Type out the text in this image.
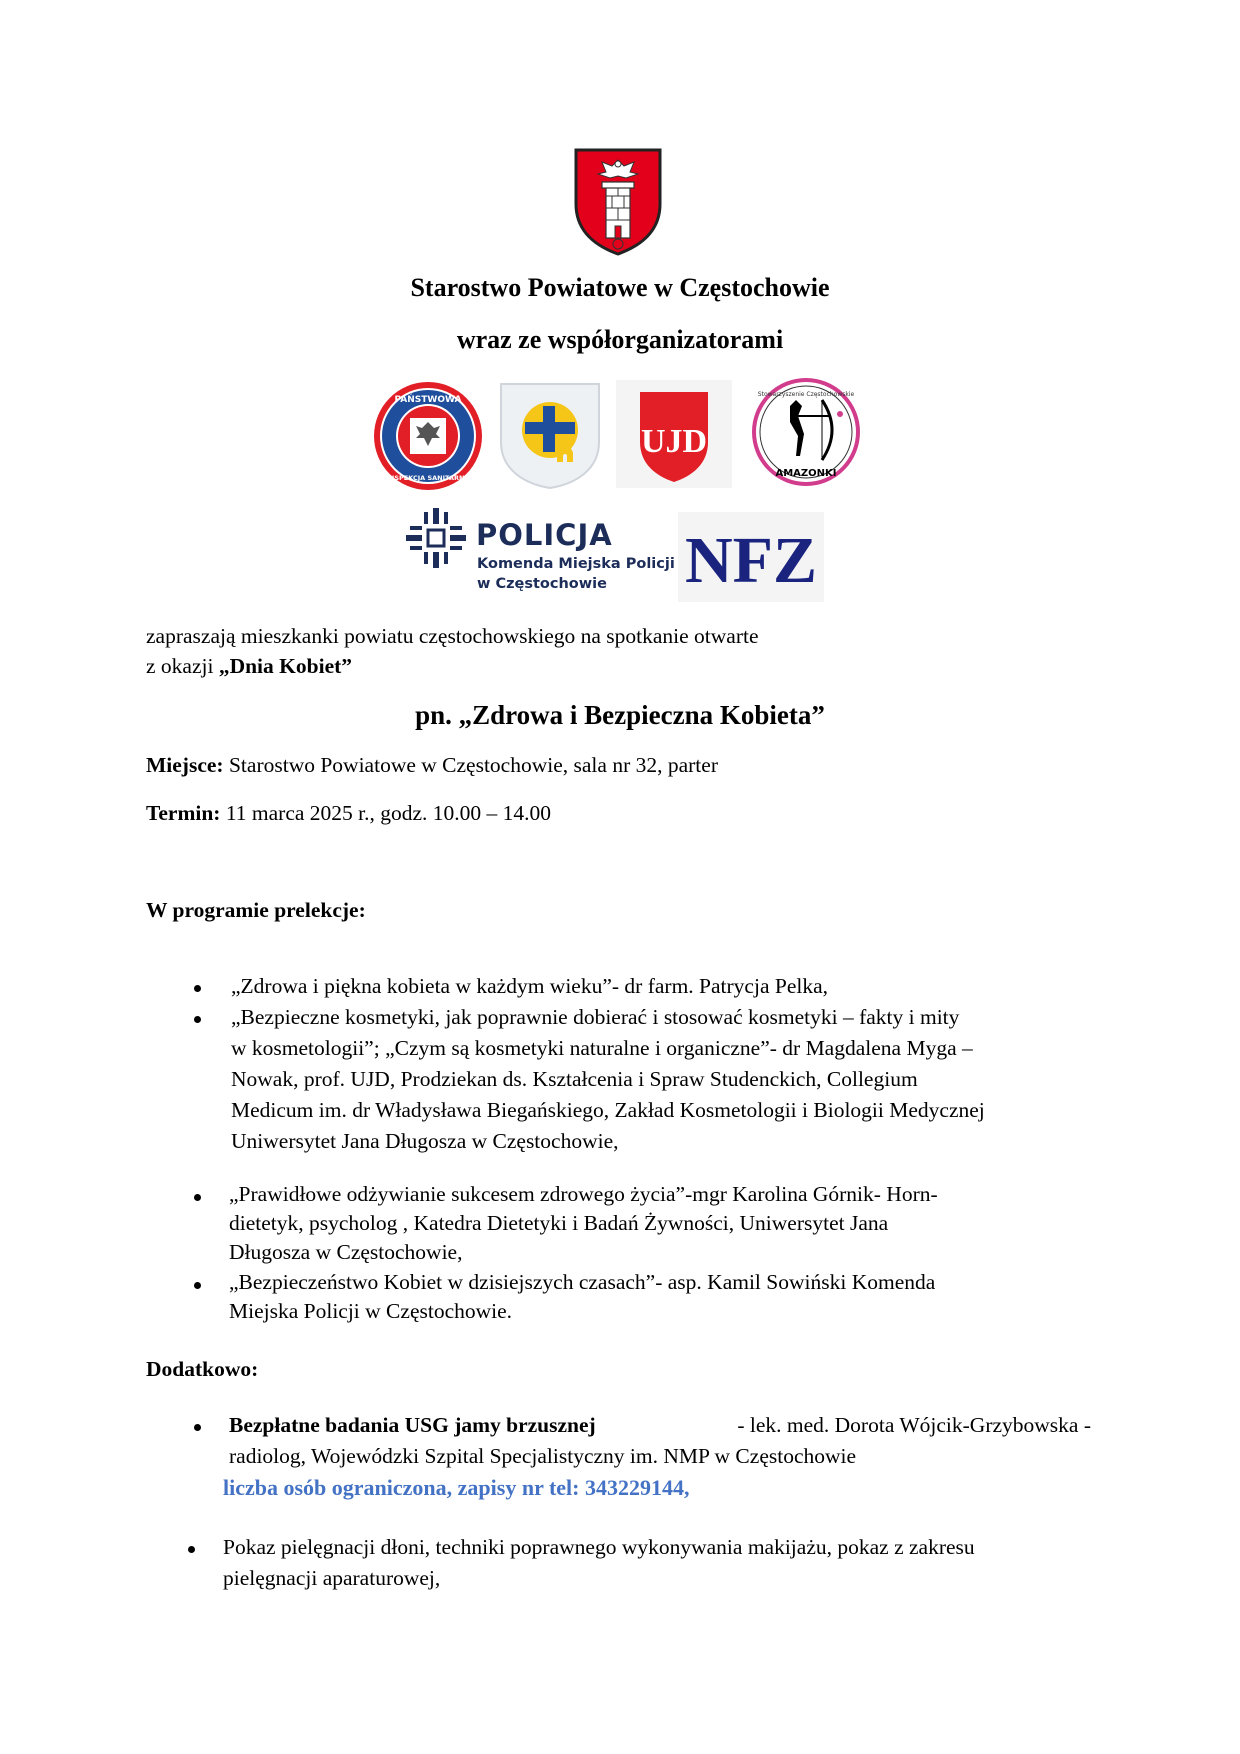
Starostwo Powiatowe w Częstochowie
wraz ze współorganizatorami
PAŃSTWOWA
INSPEKCJA SANITARNA
UJD
Stowarzyszenie Częstochowskie
AMAZONKI
POLICJA
Komenda Miejska Policji
w Częstochowie NFZ
zapraszają mieszkanki powiatu częstochowskiego na spotkanie otwarte
z okazji „Dnia Kobiet”
pn. „Zdrowa i Bezpieczna Kobieta”
Miejsce: Starostwo Powiatowe w Częstochowie, sala nr 32, parter
Termin: 11 marca 2025 r., godz. 10.00 – 14.00
W programie prelekcje:
„Zdrowa i piękna kobieta w każdym wieku”- dr farm. Patrycja Pelka,
„Bezpieczne kosmetyki, jak poprawnie dobierać i stosować kosmetyki – fakty i mity
w kosmetologii”; „Czym są kosmetyki naturalne i organiczne”- dr Magdalena Myga –
Nowak, prof. UJD, Prodziekan ds. Kształcenia i Spraw Studenckich, Collegium
Medicum im. dr Władysława Biegańskiego, Zakład Kosmetologii i Biologii Medycznej
Uniwersytet Jana Długosza w Częstochowie,
„Prawidłowe odżywianie sukcesem zdrowego życia”-mgr Karolina Górnik- Horn-
dietetyk, psycholog , Katedra Dietetyki i Badań Żywności, Uniwersytet Jana
Długosza w Częstochowie,
„Bezpieczeństwo Kobiet w dzisiejszych czasach”- asp. Kamil Sowiński Komenda
Miejska Policji w Częstochowie.
Dodatkowo:
Bezpłatne badania USG jamy brzusznej	- lek. med. Dorota Wójcik-Grzybowska -
radiolog, Wojewódzki Szpital Specjalistyczny im. NMP w Częstochowie
liczba osób ograniczona, zapisy nr tel: 343229144,
Pokaz pielęgnacji dłoni, techniki poprawnego wykonywania makijażu, pokaz z zakresu
pielęgnacji aparaturowej,
